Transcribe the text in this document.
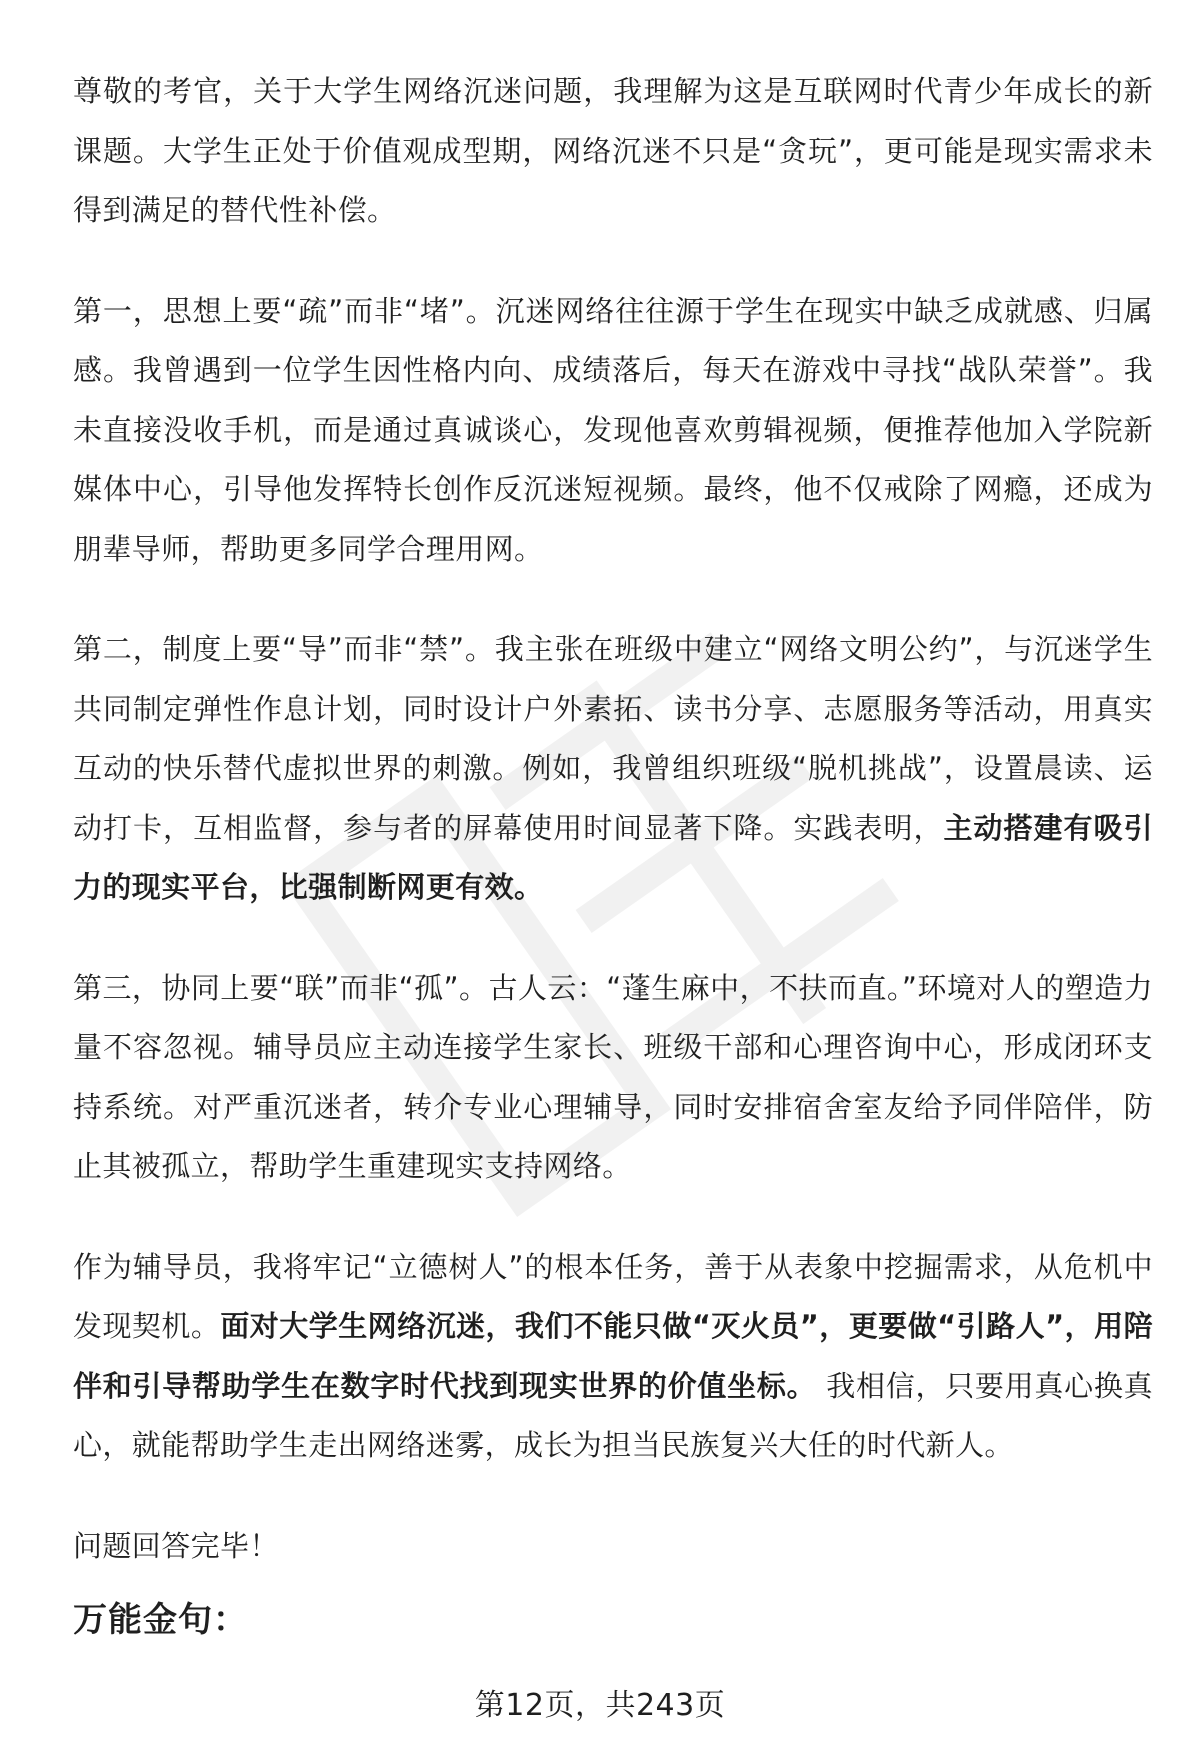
尊敬的考官，关于大学生网络沉迷问题，我理解为这是互联网时代青少年成长的新课题。大学生正处于价值观成型期，网络沉迷不只是“贪玩”，更可能是现实需求未得到满足的替代性补偿。

第一，思想上要“疏”而非“堵”。沉迷网络往往源于学生在现实中缺乏成就感、归属感。我曾遇到一位学生因性格内向、成绩落后，每天在游戏中寻找“战队荣誉”。我未直接没收手机，而是通过真诚谈心，发现他喜欢剪辑视频，便推荐他加入学院新媒体中心，引导他发挥特长创作反沉迷短视频。最终，他不仅戒除了网瘾，还成为朋辈导师，帮助更多同学合理用网。

第二，制度上要“导”而非“禁”。我主张在班级中建立“网络文明公约”，与沉迷学生共同制定弹性作息计划，同时设计户外素拓、读书分享、志愿服务等活动，用真实互动的快乐替代虚拟世界的刺激。例如，我曾组织班级“脱机挑战”，设置晨读、运动打卡，互相监督，参与者的屏幕使用时间显著下降。实践表明，主动搭建有吸引力的现实平台，比强制断网更有效。

第三，协同上要“联”而非“孤”。古人云：“蓬生麻中，不扶而直。”环境对人的塑造力量不容忽视。辅导员应主动连接学生家长、班级干部和心理咨询中心，形成闭环支持系统。对严重沉迷者，转介专业心理辅导，同时安排宿舍室友给予同伴陪伴，防止其被孤立，帮助学生重建现实支持网络。

作为辅导员，我将牢记“立德树人”的根本任务，善于从表象中挖掘需求，从危机中发现契机。面对大学生网络沉迷，我们不能只做“灭火员”，更要做“引路人”，用陪伴和引导帮助学生在数字时代找到现实世界的价值坐标。 我相信，只要用真心换真心，就能帮助学生走出网络迷雾，成长为担当民族复兴大任的时代新人。

问题回答完毕！

万能金句：
第12页，共243页
